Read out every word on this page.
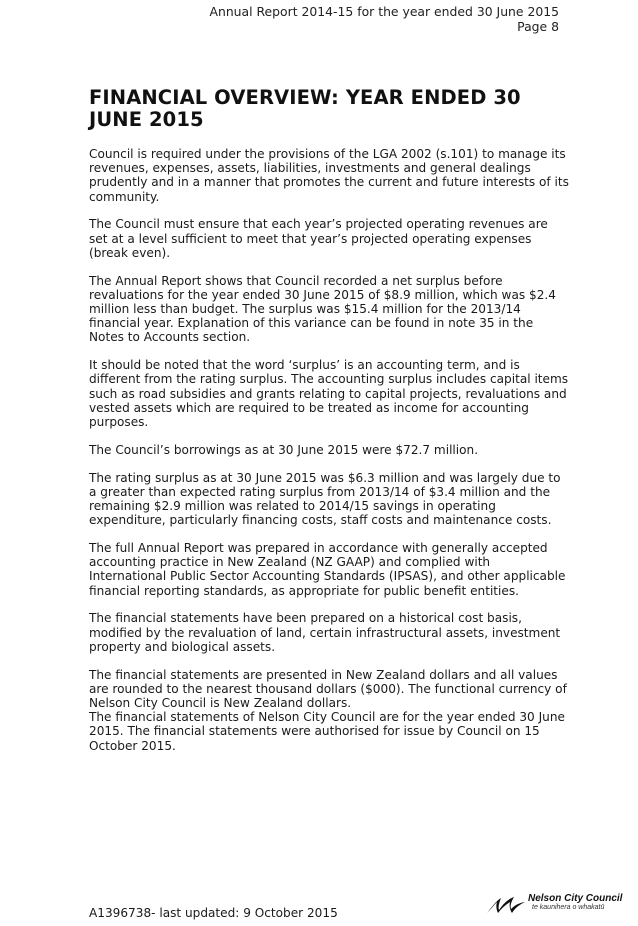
Annual Report 2014-15 for the year ended 30 June 2015
Page 8
FINANCIAL OVERVIEW: YEAR ENDED 30 JUNE 2015

Council is required under the provisions of the LGA 2002 (s.101) to manage its revenues, expenses, assets, liabilities, investments and general dealings prudently and in a manner that promotes the current and future interests of its community.

The Council must ensure that each year’s projected operating revenues are set at a level sufficient to meet that year’s projected operating expenses (break even).

The Annual Report shows that Council recorded a net surplus before revaluations for the year ended 30 June 2015 of $8.9 million, which was $2.4 million less than budget. The surplus was $15.4 million for the 2013/14 financial year. Explanation of this variance can be found in note 35 in the Notes to Accounts section.

It should be noted that the word ‘surplus’ is an accounting term, and is different from the rating surplus. The accounting surplus includes capital items such as road subsidies and grants relating to capital projects, revaluations and vested assets which are required to be treated as income for accounting purposes.

The Council’s borrowings as at 30 June 2015 were $72.7 million.

The rating surplus as at 30 June 2015 was $6.3 million and was largely due to a greater than expected rating surplus from 2013/14 of $3.4 million and the remaining $2.9 million was related to 2014/15 savings in operating expenditure, particularly financing costs, staff costs and maintenance costs.

The full Annual Report was prepared in accordance with generally accepted accounting practice in New Zealand (NZ GAAP) and complied with International Public Sector Accounting Standards (IPSAS), and other applicable financial reporting standards, as appropriate for public benefit entities.

The financial statements have been prepared on a historical cost basis, modified by the revaluation of land, certain infrastructural assets, investment property and biological assets.

The financial statements are presented in New Zealand dollars and all values are rounded to the nearest thousand dollars ($000). The functional currency of Nelson City Council is New Zealand dollars.

The financial statements of Nelson City Council are for the year ended 30 June 2015. The financial statements were authorised for issue by Council on 15 October 2015.

A1396738- last updated: 9 October 2015
Nelson City Council
te kaunihera o whakatū
